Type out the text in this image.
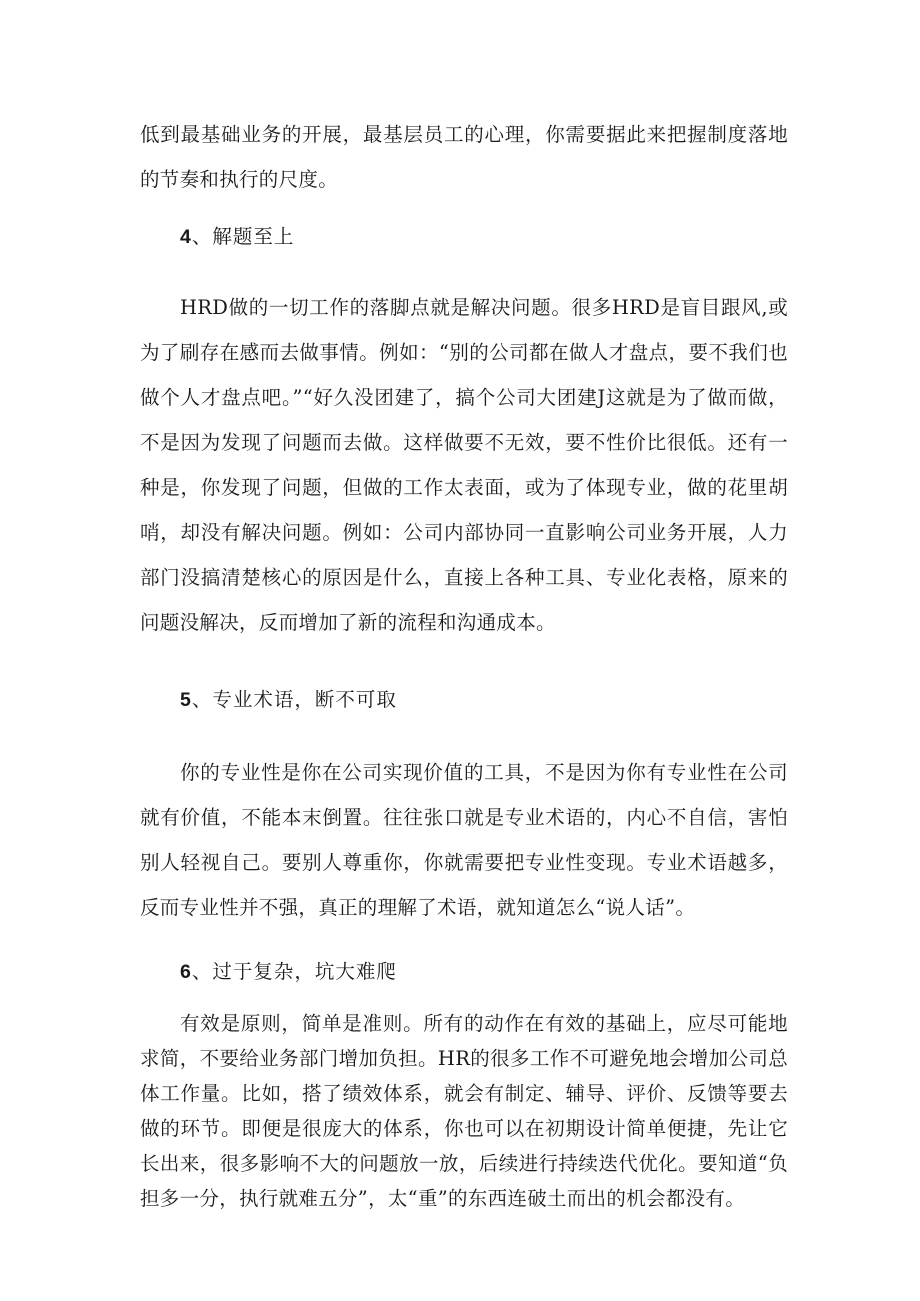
低到最基础业务的开展，最基层员工的心理，你需要据此来把握制度落地的节奏和执行的尺度。

4、解题至上

HRD做的一切工作的落脚点就是解决问题。很多HRD是盲目跟风,或为了刷存在感而去做事情。例如：“别的公司都在做人才盘点，要不我们也做个人才盘点吧。”“好久没团建了，搞个公司大团建J这就是为了做而做，不是因为发现了问题而去做。这样做要不无效，要不性价比很低。还有一种是，你发现了问题，但做的工作太表面，或为了体现专业，做的花里胡哨，却没有解决问题。例如：公司内部协同一直影响公司业务开展，人力部门没搞清楚核心的原因是什么，直接上各种工具、专业化表格，原来的问题没解决，反而增加了新的流程和沟通成本。

5、专业术语，断不可取

你的专业性是你在公司实现价值的工具，不是因为你有专业性在公司就有价值，不能本末倒置。往往张口就是专业术语的，内心不自信，害怕别人轻视自己。要别人尊重你，你就需要把专业性变现。专业术语越多，反而专业性并不强，真正的理解了术语，就知道怎么“说人话”。

6、过于复杂，坑大难爬

有效是原则，简单是准则。所有的动作在有效的基础上，应尽可能地求简，不要给业务部门增加负担。HR的很多工作不可避免地会增加公司总体工作量。比如，搭了绩效体系，就会有制定、辅导、评价、反馈等要去做的环节。即便是很庞大的体系，你也可以在初期设计简单便捷，先让它长出来，很多影响不大的问题放一放，后续进行持续迭代优化。要知道“负担多一分，执行就难五分”，太“重”的东西连破土而出的机会都没有。
